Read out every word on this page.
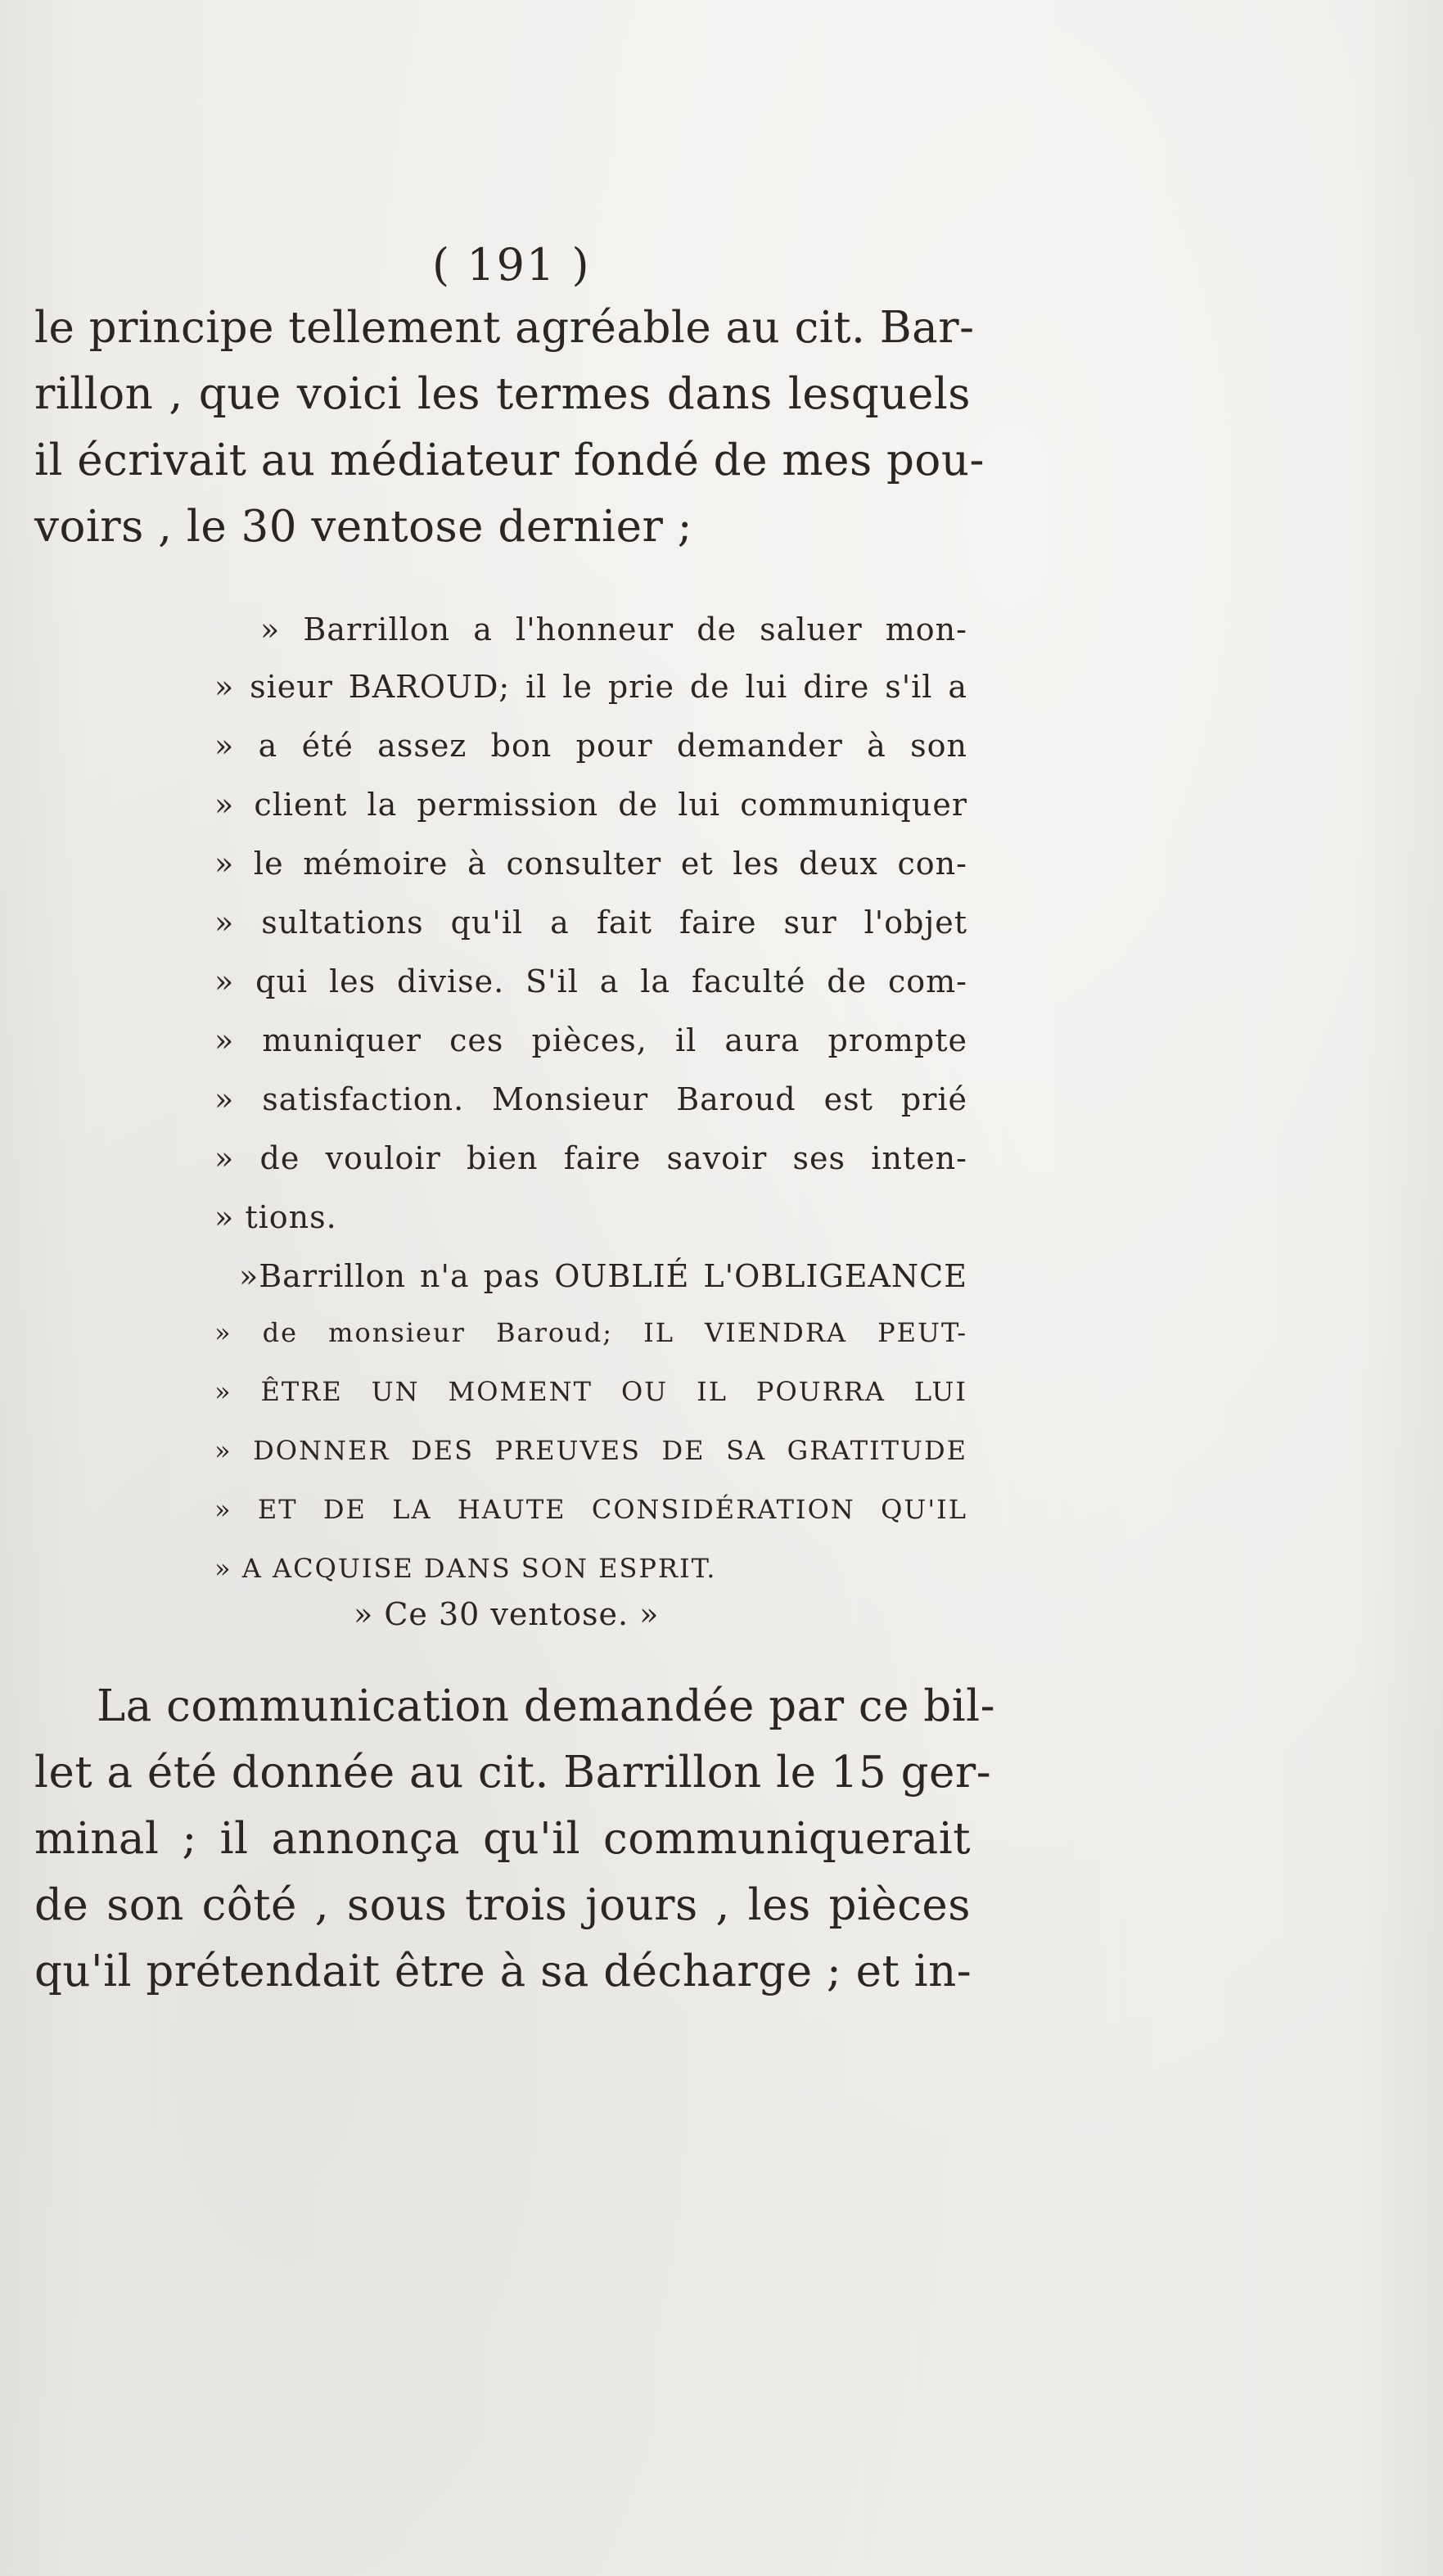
( 191 )
le principe tellement agréable au cit. Bar-
rillon , que voici les termes dans lesquels
il écrivait au médiateur fondé de mes pou-
voirs , le 30 ventose dernier ;
» Barrillon a l'honneur de saluer mon-
» sieur BAROUD; il le prie de lui dire s'il a
» a été assez bon pour demander à son
» client la permission de lui communiquer
» le mémoire à consulter et les deux con-
» sultations qu'il a fait faire sur l'objet
» qui les divise. S'il a la faculté de com-
» muniquer ces pièces, il aura prompte
» satisfaction. Monsieur Baroud est prié
» de vouloir bien faire savoir ses inten-
» tions.
»Barrillon n'a pas OUBLIÉ L'OBLIGEANCE
» de monsieur Baroud; IL VIENDRA PEUT-
» ÊTRE UN MOMENT OU IL POURRA LUI
» DONNER DES PREUVES DE SA GRATITUDE
» ET DE LA HAUTE CONSIDÉRATION QU'IL
» A ACQUISE DANS SON ESPRIT.
» Ce 30 ventose. »
La communication demandée par ce bil-
let a été donnée au cit. Barrillon le 15 ger-
minal ; il annonça qu'il communiquerait
de son côté , sous trois jours , les pièces
qu'il prétendait être à sa décharge ; et in-
